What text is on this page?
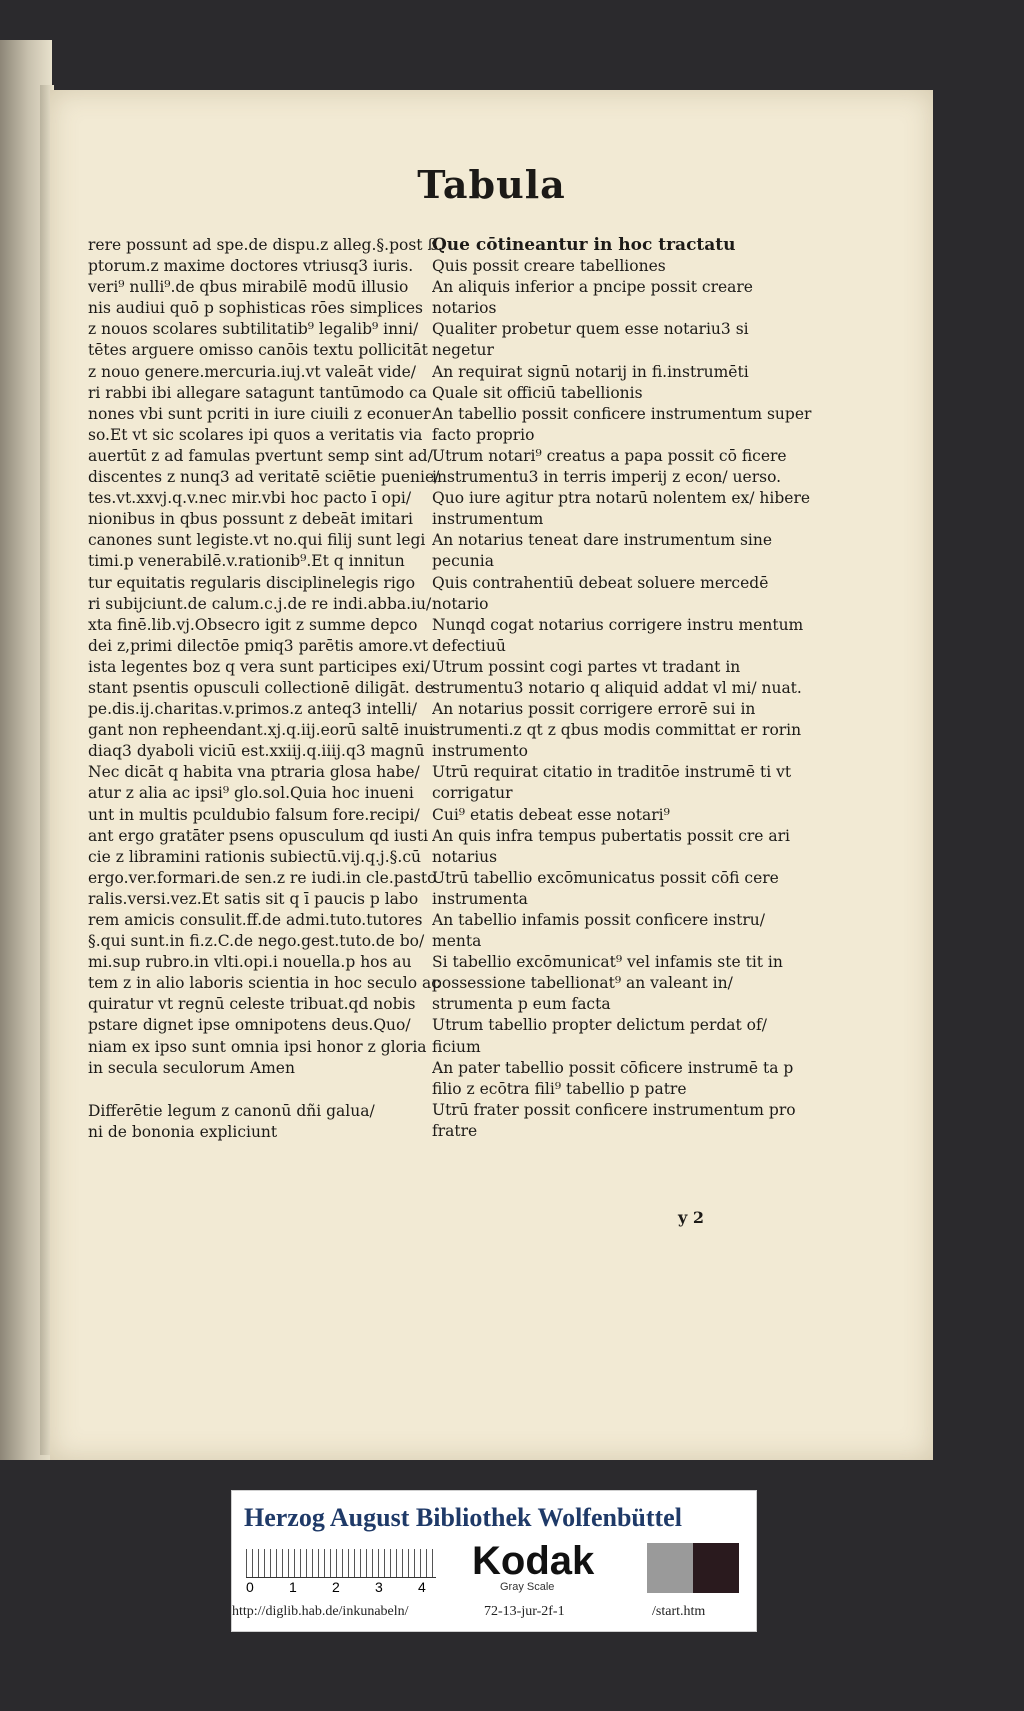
Tabula
rere possunt ad spe.de dispu.z alleg.§.post ß.
ptorum.z maxime doctores vtriusq3 iuris.
veri⁹ nulli⁹.de qbus mirabilē modū illusio
nis audiui quō p sophisticas rōes simplices
z nouos scolares subtilitatib⁹ legalib⁹ inni/
tētes arguere omisso canōis textu pollicitāt
z nouo genere.mercuria.iuj.vt valeāt vide/
ri rabbi ibi allegare satagunt tantūmodo ca
nones vbi sunt pcriti in iure ciuili z econuer
so.Et vt sic scolares ipi quos a veritatis via
auertūt z ad famulas pvertunt semp sint ad/
discentes z nunq3 ad veritatē sciētie puenie/
tes.vt.xxvj.q.v.nec mir.vbi hoc pacto ī opi/
nionibus in qbus possunt z debeāt imitari
canones sunt legiste.vt no.qui filij sunt legi
timi.p venerabilē.v.rationib⁹.Et q innitun
tur equitatis regularis disciplinelegis rigo
ri subijciunt.de calum.c.j.de re indi.abba.iu/
xta finē.lib.vj.Obsecro igit z summe depco
dei z,primi dilectōe pmiq3 parētis amore.vt
ista legentes boz q vera sunt participes exi/
stant psentis opusculi collectionē diligāt. de
pe.dis.ij.charitas.v.primos.z anteq3 intelli/
gant non repheendant.xj.q.iij.eorū saltē inui
diaq3 dyaboli viciū est.xxiij.q.iiij.q3 magnū
Nec dicāt q habita vna ptraria glosa habe/
atur z alia ac ipsi⁹ glo.sol.Quia hoc inueni
unt in multis pculdubio falsum fore.recipi/
ant ergo gratāter psens opusculum qd iusti
cie z libramini rationis subiectū.vij.q.j.§.cū
ergo.ver.formari.de sen.z re iudi.in cle.pasto
ralis.versi.vez.Et satis sit q ī paucis p labo
rem amicis consulit.ff.de admi.tuto.tutores
§.qui sunt.in fi.z.C.de nego.gest.tuto.de bo/
mi.sup rubro.in vlti.opi.i nouella.p hos au
tem z in alio laboris scientia in hoc seculo ac
quiratur vt regnū celeste tribuat.qd nobis
pstare dignet ipse omnipotens deus.Quo/
niam ex ipso sunt omnia ipsi honor z gloria
in secula seculorum Amen
Differētie legum z canonū dñi galua/
ni de bononia expliciunt
Que cōtineantur in hoc tractatu
Quis possit creare tabelliones
An aliquis inferior a pncipe possit creare notarios
Qualiter probetur quem esse notariu3 si negetur
An requirat signū notarij in fi.instrumēti
Quale sit officiū tabellionis
An tabellio possit conficere instrumentum super facto proprio
Utrum notari⁹ creatus a papa possit cō ficere instrumentu3 in terris imperij z econ/ uerso.
Quo iure agitur ptra notarū nolentem ex/ hibere instrumentum
An notarius teneat dare instrumentum sine pecunia
Quis contrahentiū debeat soluere mercedē notario
Nunqd cogat notarius corrigere instru mentum defectiuū
Utrum possint cogi partes vt tradant in strumentu3 notario q aliquid addat vl mi/ nuat.
An notarius possit corrigere errorē sui in strumenti.z qt z qbus modis committat er rorin instrumento
Utrū requirat citatio in traditōe instrumē ti vt corrigatur
Cui⁹ etatis debeat esse notari⁹
An quis infra tempus pubertatis possit cre ari notarius
Utrū tabellio excōmunicatus possit cōfi cere instrumenta
An tabellio infamis possit conficere instru/ menta
Si tabellio excōmunicat⁹ vel infamis ste tit in possessione tabellionat⁹ an valeant in/ strumenta p eum facta
Utrum tabellio propter delictum perdat of/ ficium
An pater tabellio possit cōficere instrumē ta p filio z ecōtra fili⁹ tabellio p patre
Utrū frater possit conficere instrumentum pro fratre
y 2
Herzog August Bibliothek Wolfenbüttel
0	1	2	3	4
Kodak
Gray Scale
http://diglib.hab.de/inkunabeln/	72-13-jur-2f-1	/start.htm
